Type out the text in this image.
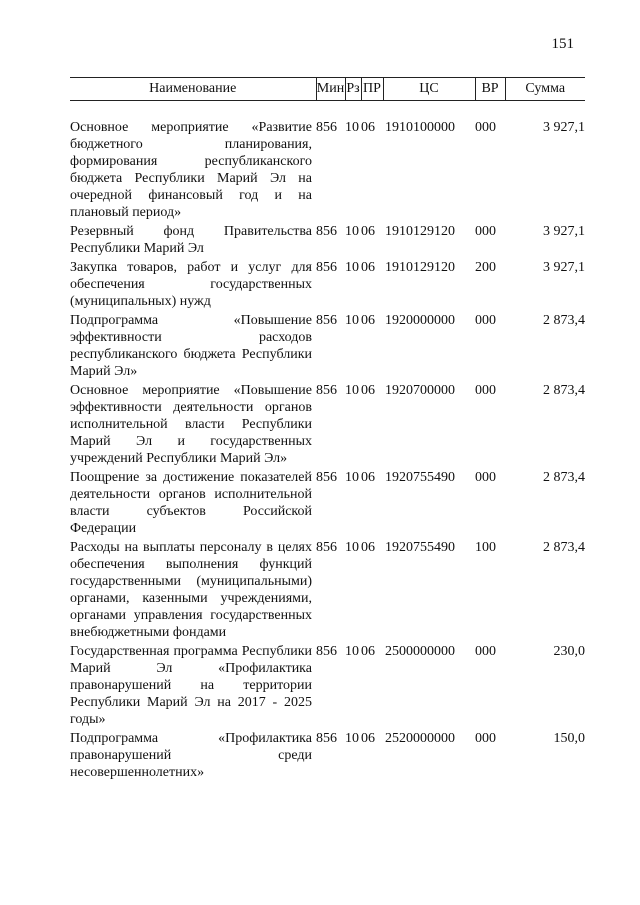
151
Наименование	Мин	Рз	ПР	ЦС	ВР	Сумма

Основное мероприятие «Развитие бюджетного планирования, формирования республиканского бюджета Республики Марий Эл на очередной финансовый год и на плановый период»	856	10	06	1910100000	000	3 927,1
Резервный фонд Правительства Республики Марий Эл	856	10	06	1910129120	000	3 927,1
Закупка товаров, работ и услуг для обеспечения государственных (муниципальных) нужд	856	10	06	1910129120	200	3 927,1
Подпрограмма «Повышение эффективности расходов республиканского бюджета Республики Марий Эл»	856	10	06	1920000000	000	2 873,4
Основное мероприятие «Повышение эффективности деятельности органов исполнительной власти Республики Марий Эл и государственных учреждений Республики Марий Эл»	856	10	06	1920700000	000	2 873,4
Поощрение за достижение показателей деятельности органов исполнительной власти субъектов Российской Федерации	856	10	06	1920755490	000	2 873,4
Расходы на выплаты персоналу в целях обеспечения выполнения функций государственными (муниципальными) органами, казенными учреждениями, органами управления государственных внебюджетными фондами	856	10	06	1920755490	100	2 873,4
Государственная программа Республики Марий Эл «Профилактика правонарушений на территории Республики Марий Эл на 2017 - 2025 годы»	856	10	06	2500000000	000	230,0
Подпрограмма «Профилактика правонарушений среди несовершеннолетних»	856	10	06	2520000000	000	150,0
